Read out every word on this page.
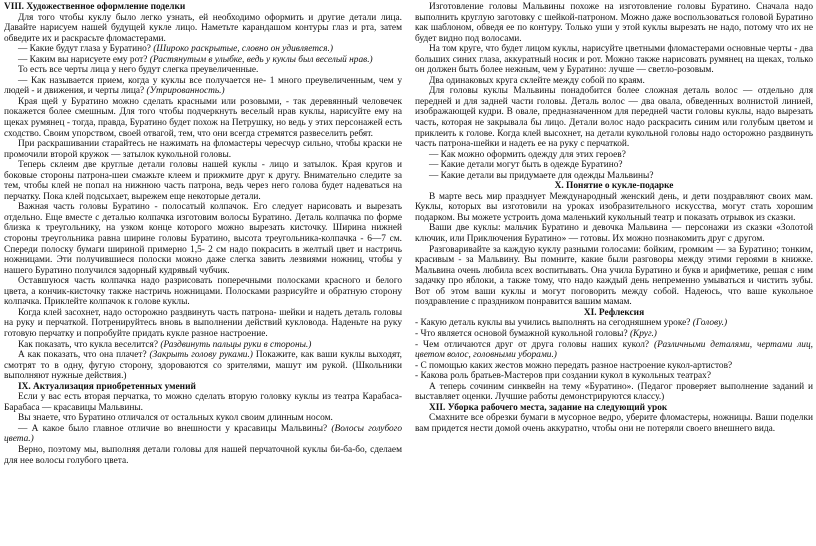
VIII. Художественное оформление поделки

Для того чтобы куклу было легко узнать, ей необходимо оформить и другие детали лица. Давайте нарисуем нашей будущей кукле лицо. Наметьте карандашом контуры глаз и рта, затем обведите их и раскрасьте фломастерами.

— Какие будут глаза у Буратино? (Широко раскрытые, словно он удивляется.)

— Каким вы нарисуете ему рот? (Растянутым в улыбке, ведь у куклы был веселый нрав.)

То есть все черты лица у него будут слегка преувеличенные.

— Как называется прием, когда у куклы все получается не- 1 много преувеличенным, чем у людей - и движения, и черты лица? (Утрированность.)

Края щей у Буратино можно сделать красными или розовыми, - так деревянный человечек покажется более смешным. Для того чтобы подчеркнуть веселый нрав куклы, нарисуйте ему на щеках румянец - тогда, правда, Буратино будет похож на Петрушку, но ведь у этих персонажей есть сходство. Своим упорством, своей отвагой, тем, что они всегда стремятся развеселить ребят.

При раскрашивании старайтесь не нажимать на фломастеры чересчур сильно, чтобы краски не промочили второй кружок — затылок кукольной головы.

Теперь склеим две круглые детали головы нашей куклы - лицо и затылок. Края кругов и боковые стороны патрона-шеи смажьте клеем и прижмите друг к другу. Внимательно следите за тем, чтобы клей не попал на нижнюю часть патрона, ведь через него голова будет надеваться на перчатку. Пока клей подсыхает, вырежем еще некоторые детали.

Важная часть головы Буратино - полосатый колпачок. Его следует нарисовать и вырезать отдельно. Еще вместе с деталью колпачка изготовим волосы Буратино. Деталь колпачка по форме близка к треугольнику, на узком конце которого можно вырезать кисточку. Ширина нижней стороны треугольника равна ширине головы Буратино, высота треугольника-колпачка - 6—7 см. Спереди полоску бумаги шириной примерно 1,5- 2 см надо покрасить в желтый цвет и настричь ножницами. Эти получившиеся полоски можно даже слегка завить лезвиями ножниц, чтобы у нашего Буратино получился задорный кудрявый чубчик.

Оставшуюся часть колпачка надо разрисовать поперечными полосками красного и белого цвета, а кончик-кисточку также настричь ножницами. Полосками разрисуйте и обратную сторону колпачка. Приклейте колпачок к голове куклы.

Когда клей засохнет, надо осторожно раздвинуть часть патрона- шейки и надеть деталь головы на руку и перчаткой. Потренируйтесь вновь в выполнении действий кукловода. Наденьте на руку готовую перчатку и попробуйте придать кукле разное настроение.

Как показать, что кукла веселится? (Раздвинуть пальцы руки в стороны.)

А как показать, что она плачет? (Закрыть голову руками.) Покажите, как ваши куклы выходят, смотрят то в одну, фугую сторону, здороваются со зрителями, машут им рукой. (Школьники выполняют нужные действия.)

IX. Актуализация приобретенных умений

Если у вас есть вторая перчатка, то можно сделать вторую головку куклы из театра Карабаса- Барабаса — красавицы Мальвины.

Вы знаете, что Буратино отличался от остальных кукол своим длинным носом.

— А какое было главное отличие во внешности у красавицы Мальвины? (Волосы голубого цвета.)

Верно, поэтому мы, выполняя детали головы для нашей перчаточной куклы би-ба-бо, сделаем для нее волосы голубого цвета.

Изготовление головы Мальвины похоже на изготовление головы Буратино. Сначала надо выполнить круглую заготовку с шейкой-патроном. Можно даже воспользоваться головой Буратино как шаблоном, обведя ее по контуру. Только уши у этой куклы вырезать не надо, потому что их не будет видно под волосами.

На том круге, что будет лицом куклы, нарисуйте цветными фломастерами основные черты - два больших синих глаза, аккуратный носик и рот. Можно также нарисовать румянец на щеках, только он должен быть более нежным, чем у Буратино: лучше — светло-розовым.

Два одинаковых круга склейте между собой по краям.

Для головы куклы Мальвины понадобится более сложная деталь волос — отдельно для передней и для задней части головы. Деталь волос — два овала, обведенных волнистой линией, изображающей кудри. В овале, предназначенном для передней части головы куклы, надо вырезать часть, которая не закрывала бы лицо. Детали волос надо раскрасить синим или голубым цветом и приклеить к голове. Когда клей высохнет, на детали кукольной головы надо осторожно раздвинуть часть патрона-шейки и надеть ее на руку с перчаткой.

— Как можно оформить одежду для этих героев?

— Какие детали могут быть в одежде Буратино?

— Какие детали вы придумаете для одежды Мальвины?

X. Понятие о кукле-подарке

В марте весь мир празднует Международный женский день, и дети поздравляют своих мам. Куклы, которых вы изготовили на уроках изобразительного искусства, могут стать хорошим подарком. Вы можете устроить дома маленький кукольный театр и показать отрывок из сказки.

Ваши две куклы: мальчик Буратино и девочка Мальвина — персонажи из сказки «Золотой ключик, или Приключения Буратино» — готовы. Их можно познакомить друг с другом.

Разговаривайте за каждую куклу разными голосами: бойким, громким — за Буратино; тонким, красивым - за Мальвину. Вы помните, какие были разговоры между этими героями в книжке. Мальвина очень любила всех воспитывать. Она учила Буратино и букв и арифметике, решая с ним задачку про яблоки, а также тому, что надо каждый день непременно умываться и чистить зубы. Вот об этом ваши куклы и могут поговорить между собой. Надеюсь, что ваше кукольное поздравление с праздником понравится вашим мамам.

XI. Рефлексия

- Какую деталь куклы вы учились выполнять на сегодняшнем уроке? (Голову.)

- Что является основой бумажной кукольной головы? (Круг.)

- Чем отличаются друг от друга головы наших кукол? (Различными деталями, чертами лиц, цветом волос, головными уборами.)

- С помощью каких жестов можно передать разное настроение кукол-артистов?

- Какова роль братьев-Мастеров при создании кукол в кукольных театрах?

А теперь сочиним синквейн на тему «Буратино». (Педагог проверяет выполнение заданий и выставляет оценки. Лучшие работы демонстрируются классу.)

XII. Уборка рабочего места, задание на следующий урок

Смахните все обрезки бумаги в мусорное ведро, уберите фломастеры, ножницы. Ваши поделки вам придется нести домой очень аккуратно, чтобы они не потеряли своего внешнего вида.
